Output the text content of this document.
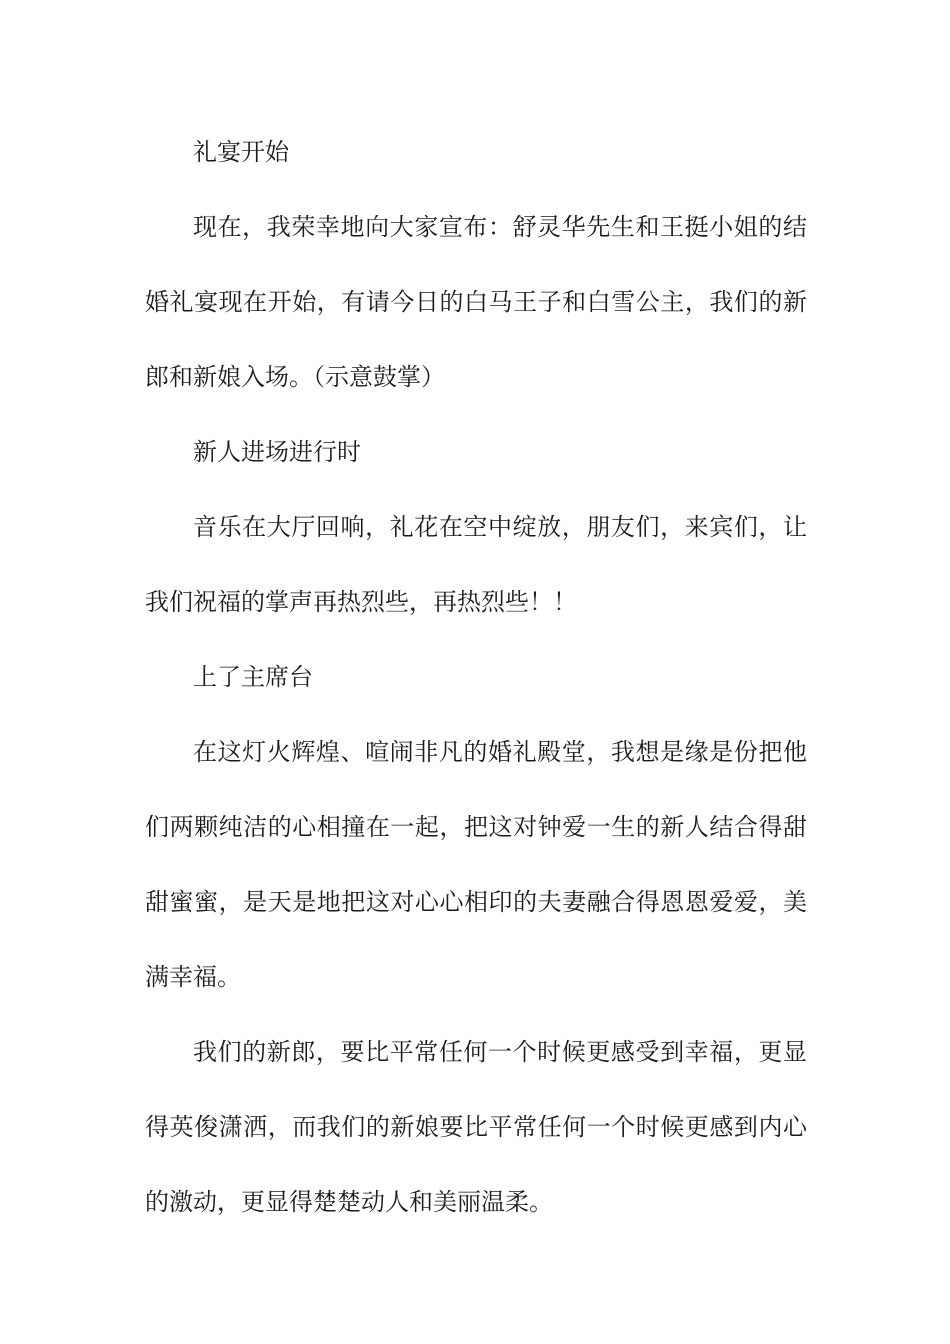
礼宴开始

现在，我荣幸地向大家宣布：舒灵华先生和王挺小姐的结婚礼宴现在开始，有请今日的白马王子和白雪公主，我们的新郎和新娘入场。（示意鼓掌）

新人进场进行时

音乐在大厅回响，礼花在空中绽放，朋友们，来宾们，让我们祝福的掌声再热烈些，再热烈些！！

上了主席台

在这灯火辉煌、喧闹非凡的婚礼殿堂，我想是缘是份把他们两颗纯洁的心相撞在一起，把这对钟爱一生的新人结合得甜甜蜜蜜，是天是地把这对心心相印的夫妻融合得恩恩爱爱，美满幸福。

我们的新郎，要比平常任何一个时候更感受到幸福，更显得英俊潇洒，而我们的新娘要比平常任何一个时候更感到内心的激动，更显得楚楚动人和美丽温柔。
